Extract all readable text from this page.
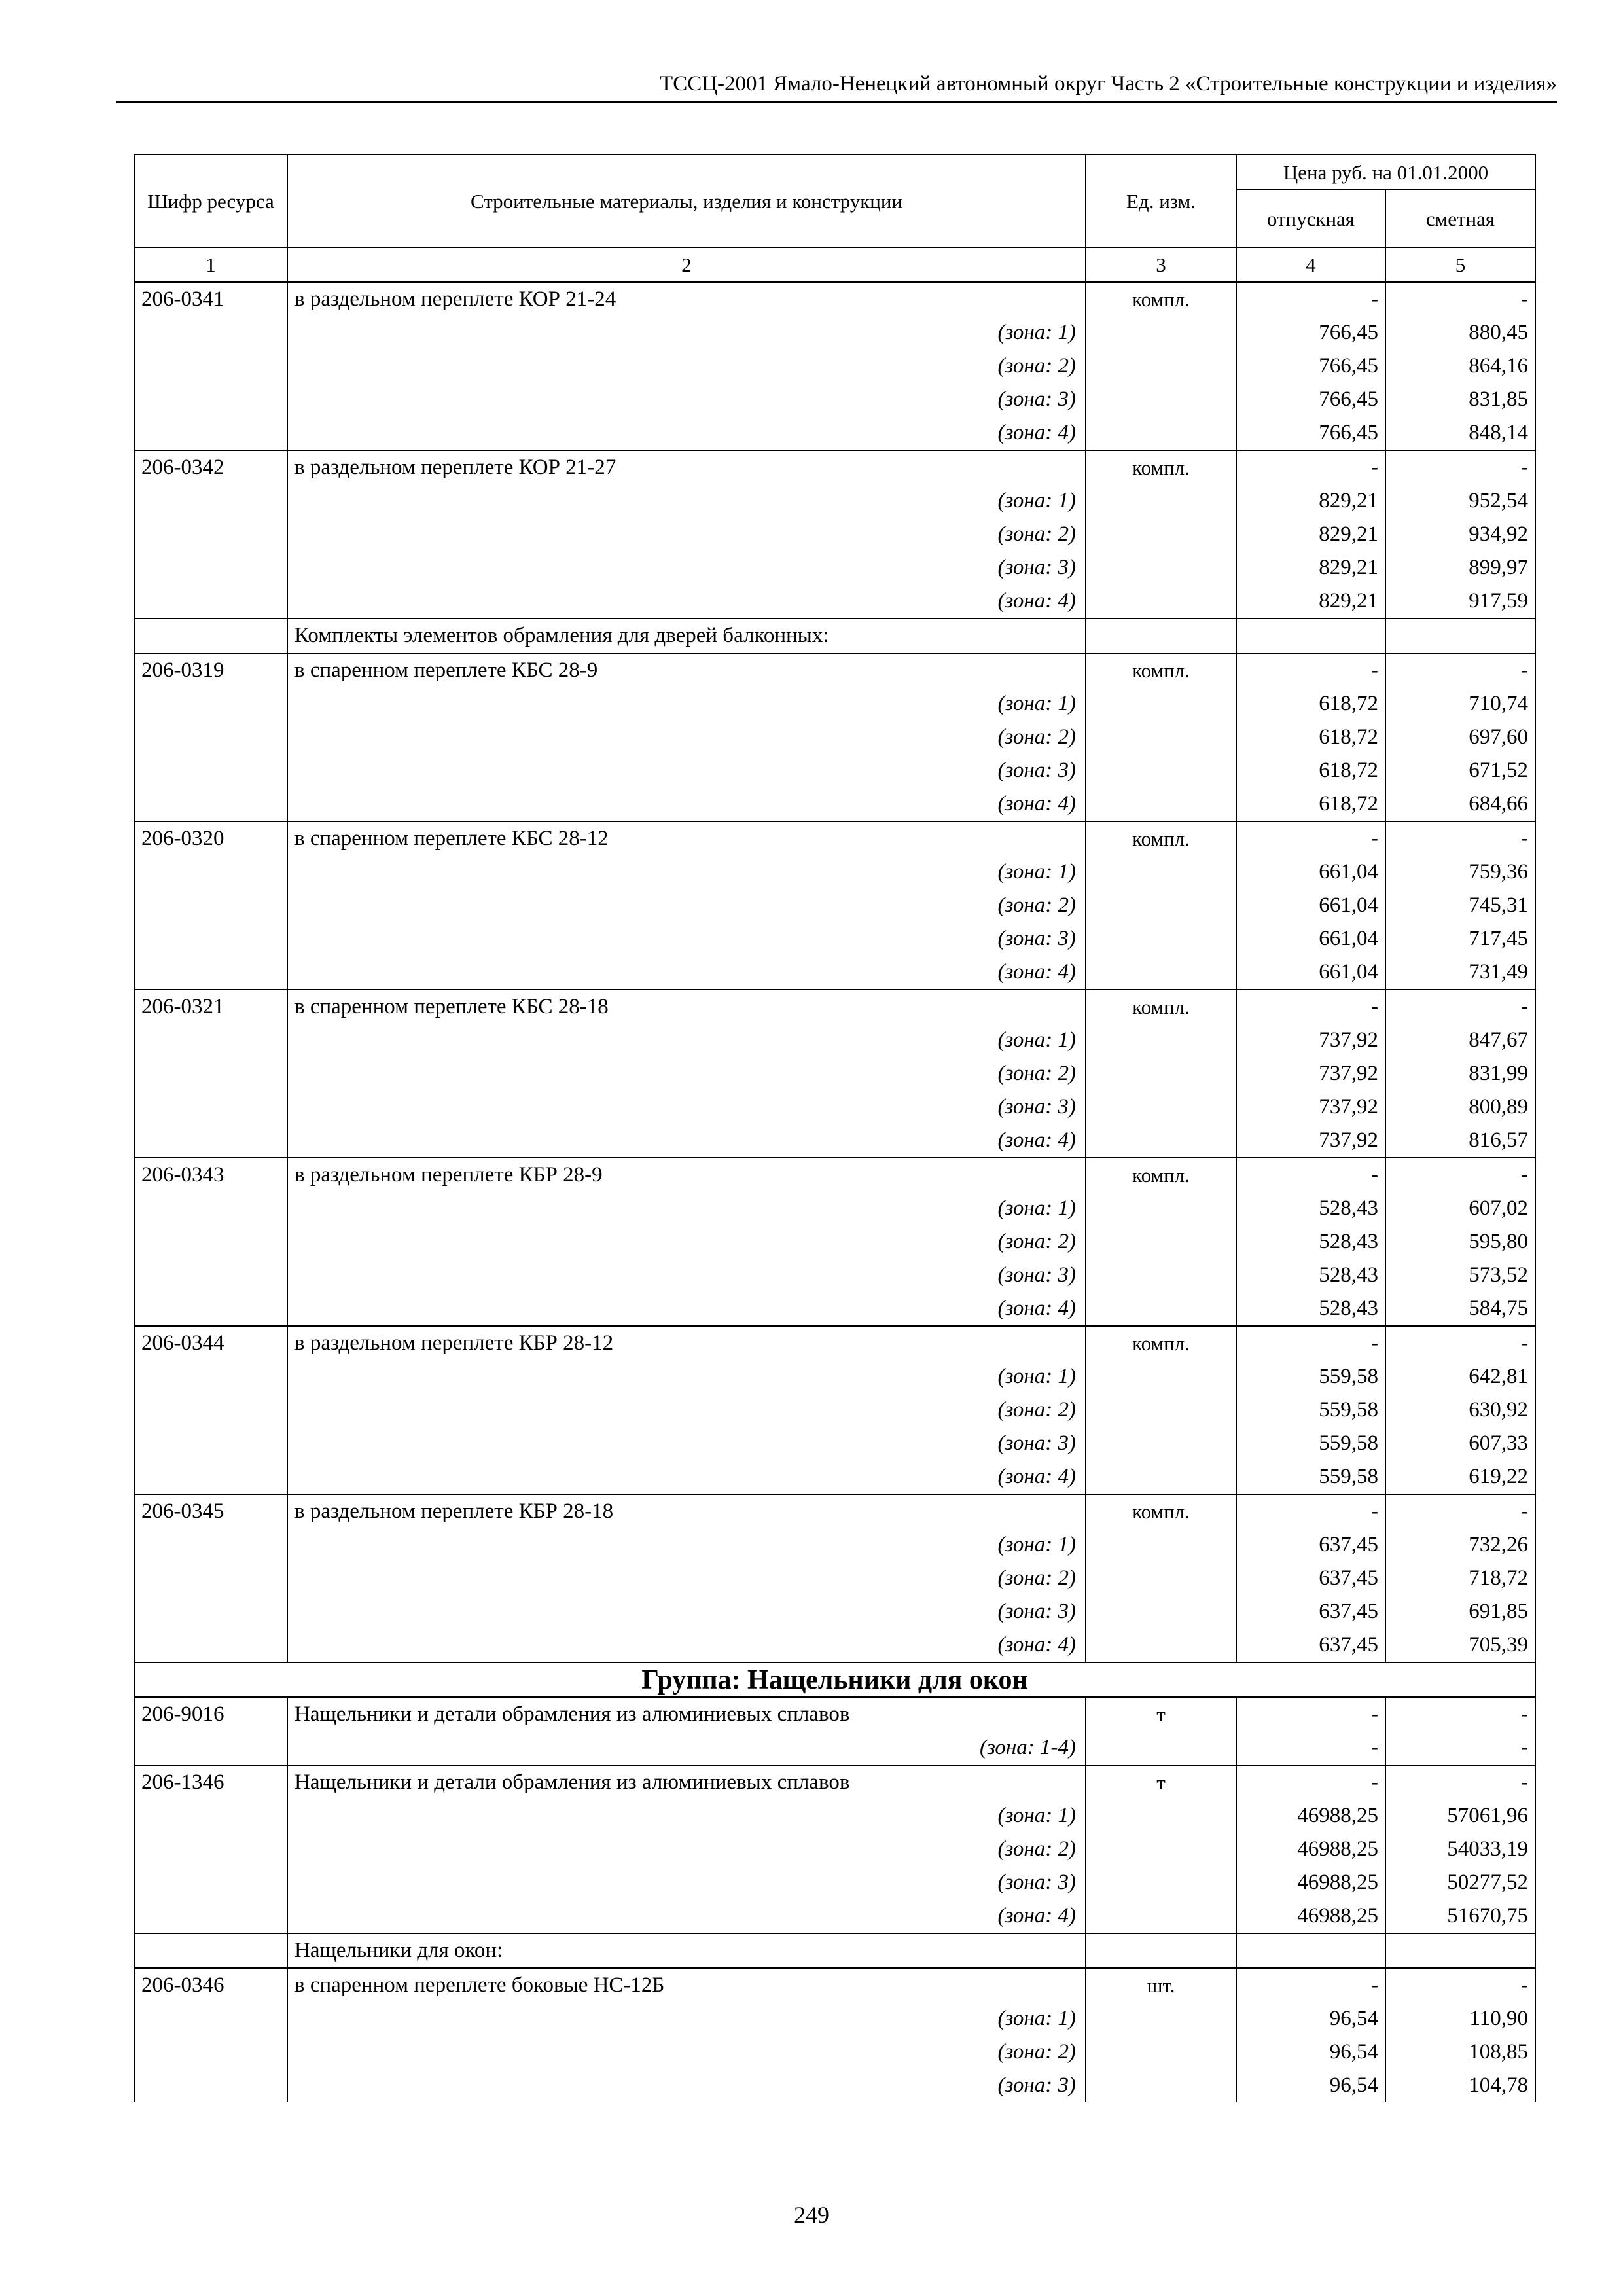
ТССЦ-2001 Ямало-Ненецкий автономный округ Часть 2 «Строительные конструкции и изделия»
Шифр ресурса	Строительные материалы, изделия и конструкции	Ед. изм.	Цена руб. на 01.01.2000	
			отпускная	сметная
1	2	3	4	5
206-0341	в раздельном переплете КОР 21-24	компл.	-	-
	(зона: 1)		766,45	880,45
	(зона: 2)		766,45	864,16
	(зона: 3)		766,45	831,85
	(зона: 4)		766,45	848,14
206-0342	в раздельном переплете КОР 21-27	компл.	-	-
	(зона: 1)		829,21	952,54
	(зона: 2)		829,21	934,92
	(зона: 3)		829,21	899,97
	(зона: 4)		829,21	917,59
	Комплекты элементов обрамления для дверей балконных:			
206-0319	в спаренном переплете КБС 28-9	компл.	-	-
	(зона: 1)		618,72	710,74
	(зона: 2)		618,72	697,60
	(зона: 3)		618,72	671,52
	(зона: 4)		618,72	684,66
206-0320	в спаренном переплете КБС 28-12	компл.	-	-
	(зона: 1)		661,04	759,36
	(зона: 2)		661,04	745,31
	(зона: 3)		661,04	717,45
	(зона: 4)		661,04	731,49
206-0321	в спаренном переплете КБС 28-18	компл.	-	-
	(зона: 1)		737,92	847,67
	(зона: 2)		737,92	831,99
	(зона: 3)		737,92	800,89
	(зона: 4)		737,92	816,57
206-0343	в раздельном переплете КБР 28-9	компл.	-	-
	(зона: 1)		528,43	607,02
	(зона: 2)		528,43	595,80
	(зона: 3)		528,43	573,52
	(зона: 4)		528,43	584,75
206-0344	в раздельном переплете КБР 28-12	компл.	-	-
	(зона: 1)		559,58	642,81
	(зона: 2)		559,58	630,92
	(зона: 3)		559,58	607,33
	(зона: 4)		559,58	619,22
206-0345	в раздельном переплете КБР 28-18	компл.	-	-
	(зона: 1)		637,45	732,26
	(зона: 2)		637,45	718,72
	(зона: 3)		637,45	691,85
	(зона: 4)		637,45	705,39
Группа: Нащельники для окон				
206-9016	Нащельники и детали обрамления из алюминиевых сплавов	т	-	-
	(зона: 1-4)		-	-
206-1346	Нащельники и детали обрамления из алюминиевых сплавов	т	-	-
	(зона: 1)		46988,25	57061,96
	(зона: 2)		46988,25	54033,19
	(зона: 3)		46988,25	50277,52
	(зона: 4)		46988,25	51670,75
	Нащельники для окон:			
206-0346	в спаренном переплете боковые НС-12Б	шт.	-	-
	(зона: 1)		96,54	110,90
	(зона: 2)		96,54	108,85
	(зона: 3)		96,54	104,78
249
